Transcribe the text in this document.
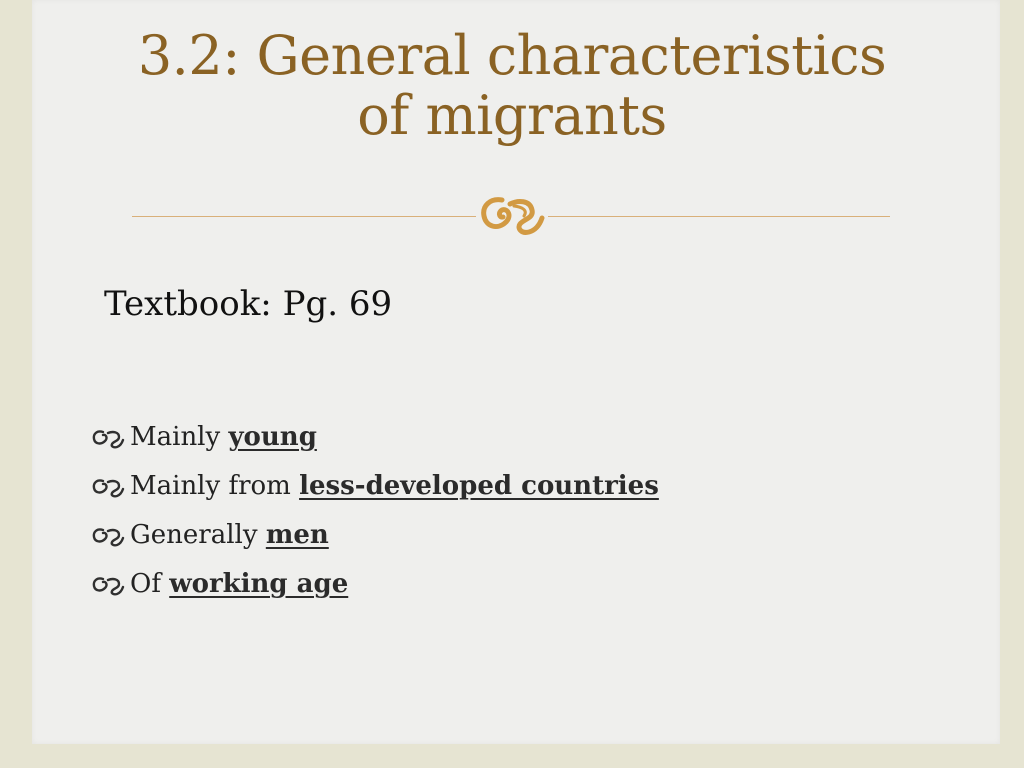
3.2: General characteristics
of migrants
Textbook: Pg. 69
Mainly young
Mainly from less-developed countries
Generally men
Of working age
